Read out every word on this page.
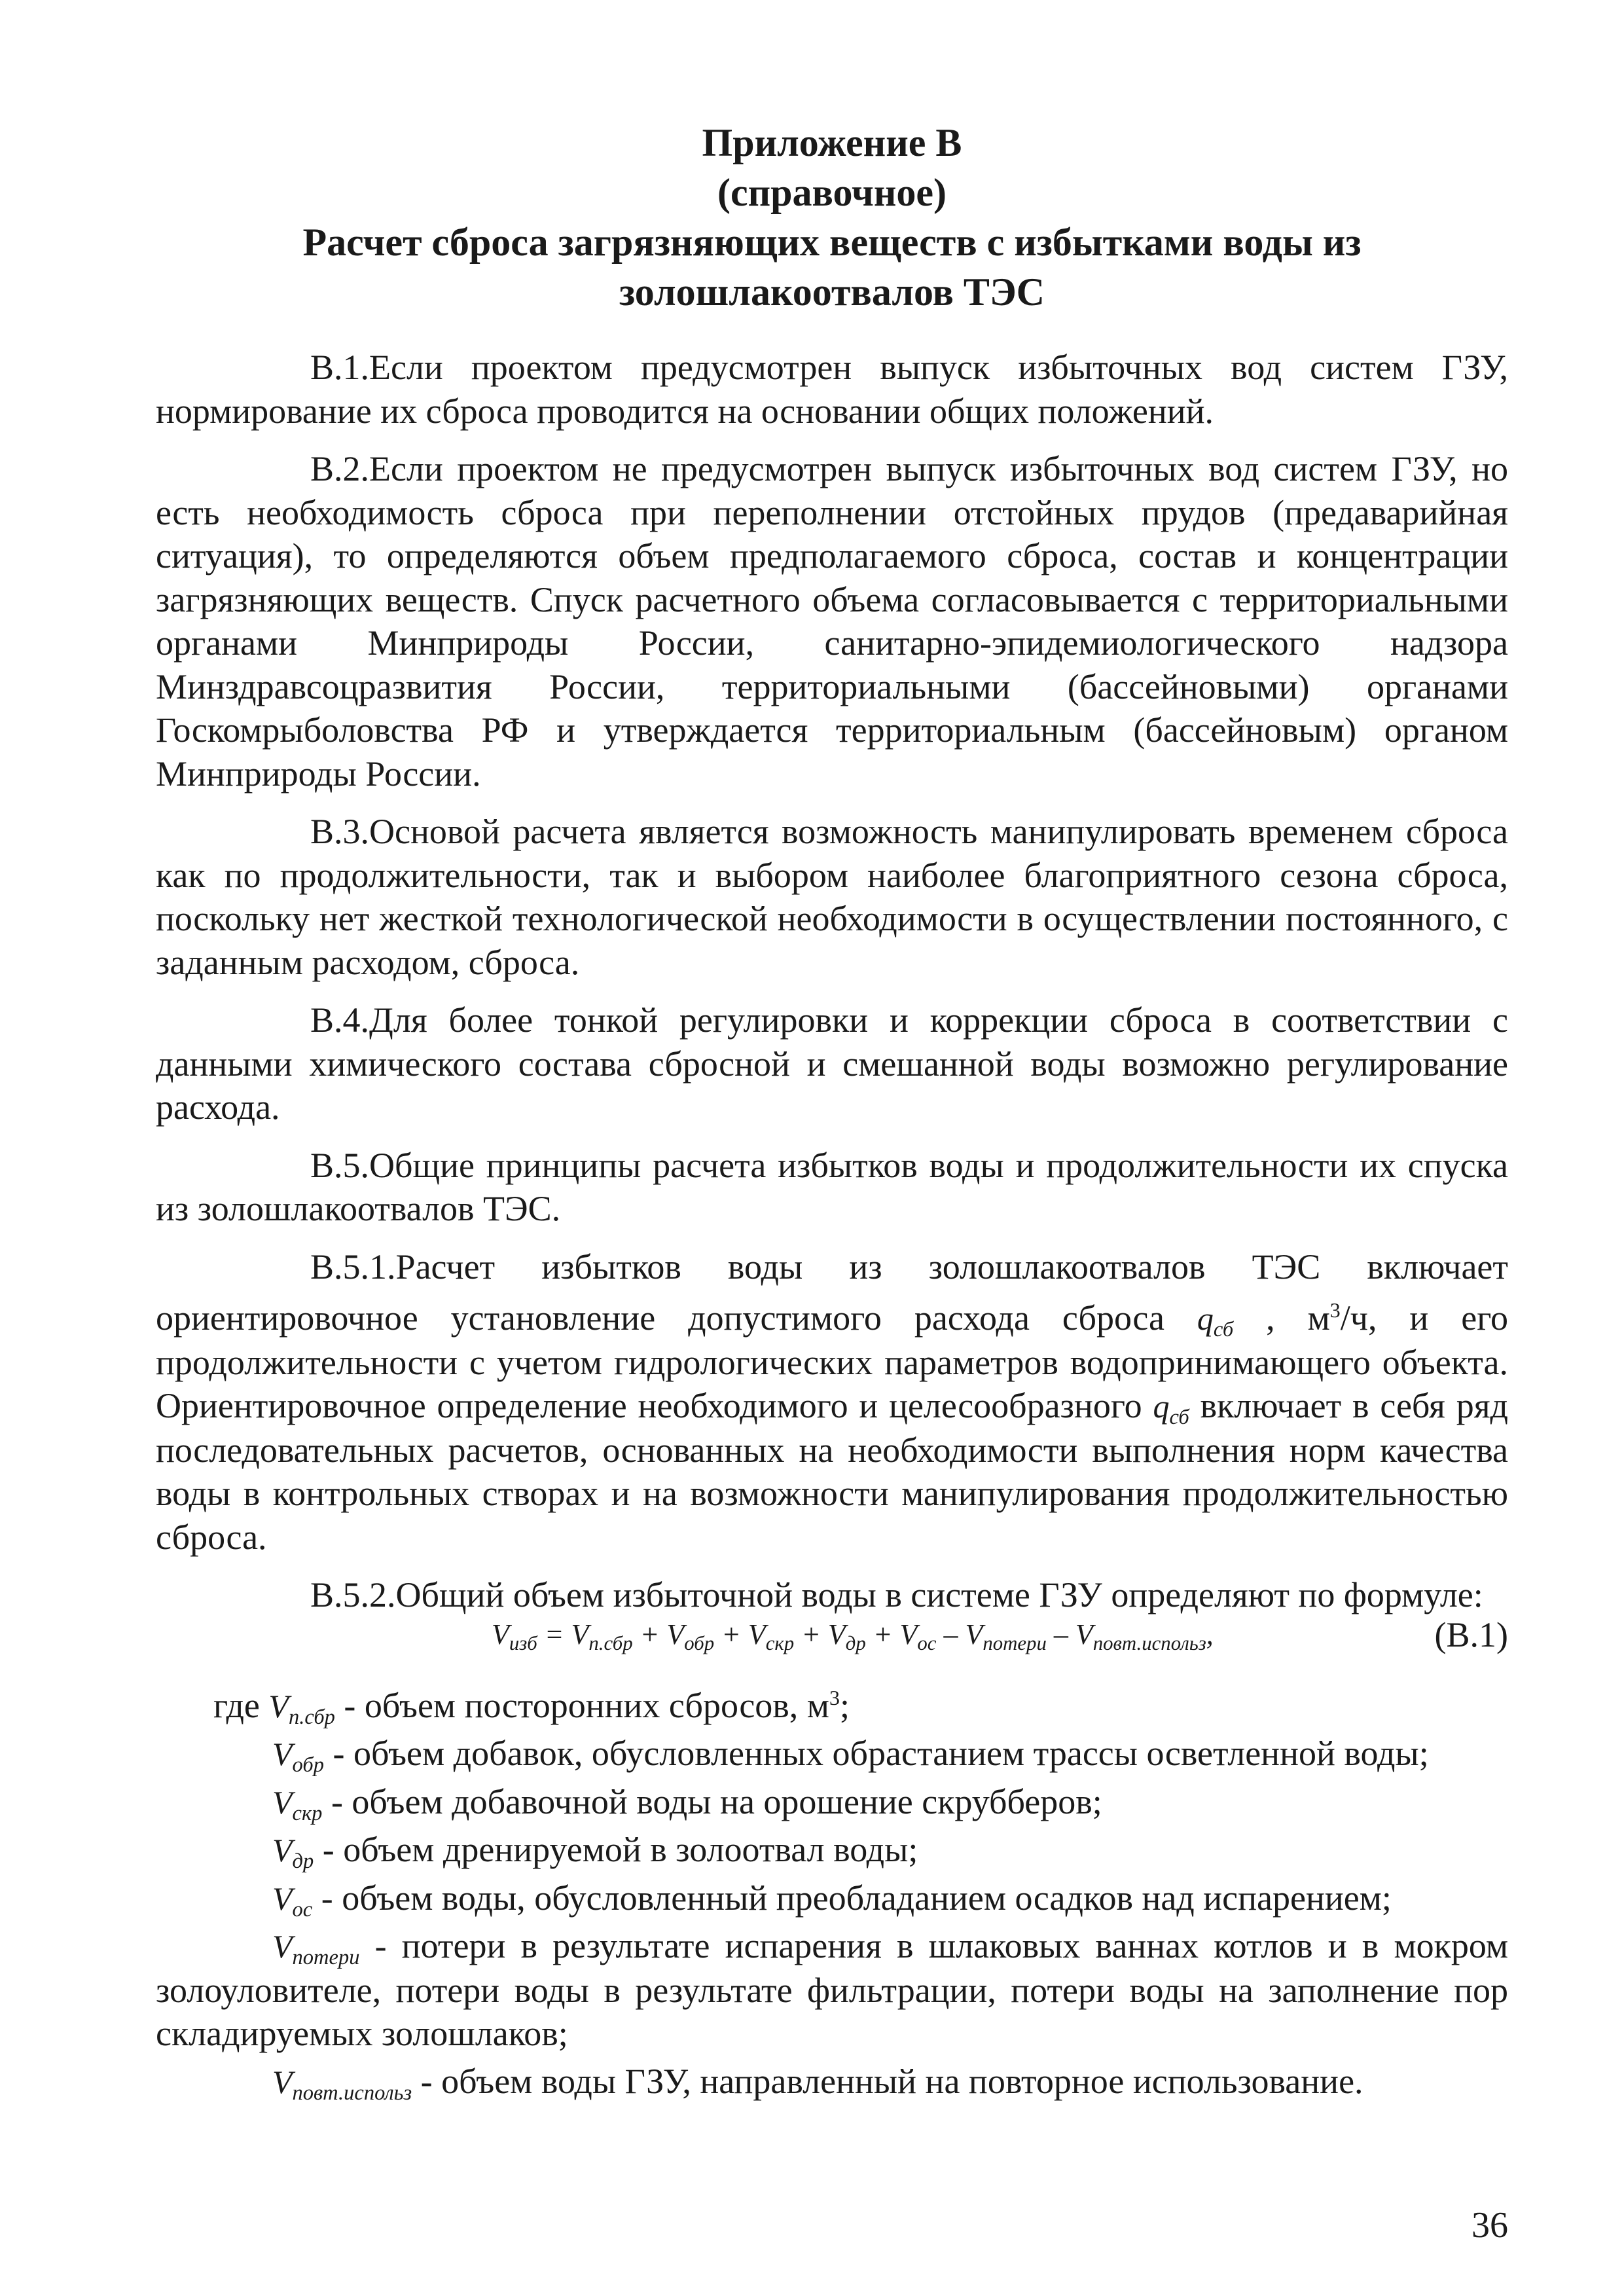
Приложение В
(справочное)
Расчет сброса загрязняющих веществ с избытками воды из
золошлакоотвалов ТЭС

В.1.Если проектом предусмотрен выпуск избыточных вод систем ГЗУ, нормирование их сброса проводится на основании общих положений.

В.2.Если проектом не предусмотрен выпуск избыточных вод систем ГЗУ, но есть необходимость сброса при переполнении отстойных прудов (предаварийная ситуация), то определяются объем предполагаемого сброса, состав и концентрации загрязняющих веществ. Спуск расчетного объема согласовывается с территориальными органами Минприроды России, санитарно-эпидемиологического надзора Минздравсоцразвития России, территориальными (бассейновыми) органами Госкомрыболовства РФ и утверждается территориальным (бассейновым) органом Минприроды России.

В.3.Основой расчета является возможность манипулировать временем сброса как по продолжительности, так и выбором наиболее благоприятного сезона сброса, поскольку нет жесткой технологической необходимости в осуществлении постоянного, с заданным расходом, сброса.

В.4.Для более тонкой регулировки и коррекции сброса в соответствии с данными химического состава сбросной и смешанной воды возможно регулирование расхода.

В.5.Общие принципы расчета избытков воды и продолжительности их спуска из золошлакоотвалов ТЭС.

В.5.1.Расчет избытков воды из золошлакоотвалов ТЭС включает ориентировочное установление допустимого расхода сброса $q_{сб}$ , $м^3/ч$, и его продолжительности с учетом гидрологических параметров водопринимающего объекта. Ориентировочное определение необходимого и целесообразного $q_{сб}$ включает в себя ряд последовательных расчетов, основанных на необходимости выполнения норм качества воды в контрольных створах и на возможности манипулирования продолжительностью сброса.

В.5.2.Общий объем избыточной воды в системе ГЗУ определяют по формуле:

$V_{изб} = V_{п.сбр} + V_{обр} + V_{скр} + V_{др} + V_{ос} - V_{потери} - V_{повт.использ}$,	(В.1)

где $V_{п.сбр}$ - объем посторонних сбросов, $м^3$;

$V_{обр}$ - объем добавок, обусловленных обрастанием трассы осветленной воды;

$V_{скр}$ - объем добавочной воды на орошение скрубберов;

$V_{др}$ - объем дренируемой в золоотвал воды;

$V_{ос}$ - объем воды, обусловленный преобладанием осадков над испарением;

$V_{потери}$ - потери в результате испарения в шлаковых ваннах котлов и в мокром золоуловителе, потери воды в результате фильтрации, потери воды на заполнение пор складируемых золошлаков;

$V_{повт.использ}$ - объем воды ГЗУ, направленный на повторное использование.

36
